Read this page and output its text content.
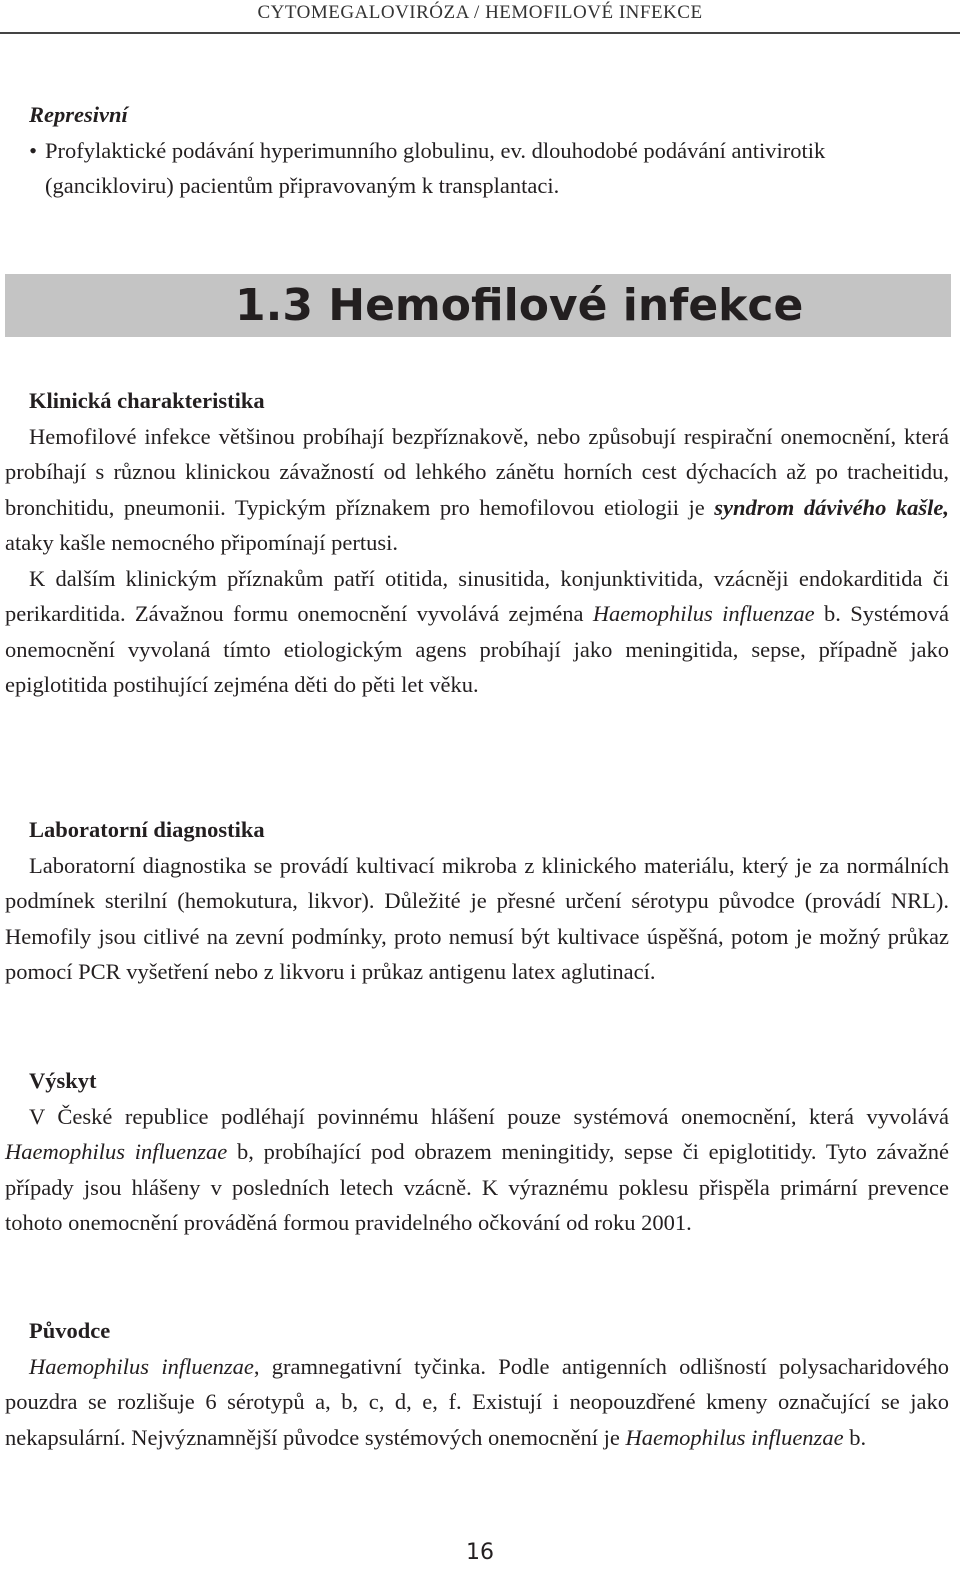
CYTOMEGALOVIRÓZA / HEMOFILOVÉ INFEKCE

Represivní

• Profylaktické podávání hyperimunního globulinu, ev. dlouhodobé podávání antivirotik (gancikloviru) pacientům připravovaným k transplantaci.

1.3 Hemofilové infekce

Klinická charakteristika

Hemofilové infekce většinou probíhají bezpříznakově, nebo způsobují respirační onemocnění, která probíhají s různou klinickou závažností od lehkého zánětu horních cest dýchacích až po tracheitidu, bronchitidu, pneumonii. Typickým příznakem pro hemofilovou etiologii je syndrom dávivého kašle, ataky kašle nemocného připomínají pertusi.

K dalším klinickým příznakům patří otitida, sinusitida, konjunktivitida, vzácněji endokarditida či perikarditida. Závažnou formu onemocnění vyvolává zejména Haemophilus influenzae b. Systémová onemocnění vyvolaná tímto etiologickým agens probíhají jako meningitida, sepse, případně jako epiglotitida postihující zejména děti do pěti let věku.

Laboratorní diagnostika

Laboratorní diagnostika se provádí kultivací mikroba z klinického materiálu, který je za normálních podmínek sterilní (hemokutura, likvor). Důležité je přesné určení sérotypu původce (provádí NRL). Hemofily jsou citlivé na zevní podmínky, proto nemusí být kultivace úspěšná, potom je možný průkaz pomocí PCR vyšetření nebo z likvoru i průkaz antigenu latex aglutinací.

Výskyt

V České republice podléhají povinnému hlášení pouze systémová onemocnění, která vyvolává Haemophilus influenzae b, probíhající pod obrazem meningitidy, sepse či epiglotitidy. Tyto závažné případy jsou hlášeny v posledních letech vzácně. K výraznému poklesu přispěla primární prevence tohoto onemocnění prováděná formou pravidelného očkování od roku 2001.

Původce

Haemophilus influenzae, gramnegativní tyčinka. Podle antigenních odlišností polysacharidového pouzdra se rozlišuje 6 sérotypů a, b, c, d, e, f. Existují i neopouzdřené kmeny označující se jako nekapsulární. Nejvýznamnější původce systémových onemocnění je Haemophilus influenzae b.

16
